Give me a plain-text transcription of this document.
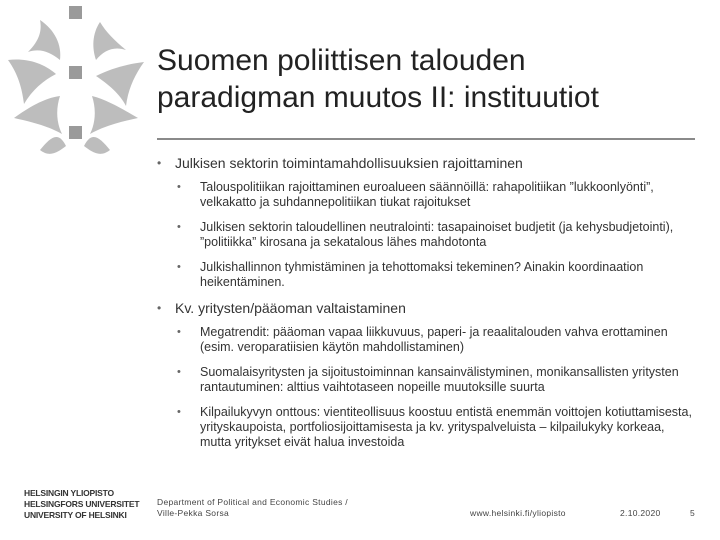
Suomen poliittisen talouden
paradigman muutos II: instituutiot
• Julkisen sektorin toimintamahdollisuuksien rajoittaminen
• Talouspolitiikan rajoittaminen euroalueen säännöillä: rahapolitiikan ”lukkoonlyönti”, velkakatto ja suhdannepolitiikan tiukat rajoitukset
• Julkisen sektorin taloudellinen neutralointi: tasapainoiset budjetit (ja kehysbudjetointi), ”politiikka” kirosana ja sekatalous lähes mahdotonta
• Julkishallinnon tyhmistäminen ja tehottomaksi tekeminen? Ainakin koordinaation heikentäminen.
• Kv. yritysten/pääoman valtaistaminen
• Megatrendit: pääoman vapaa liikkuvuus, paperi- ja reaalitalouden vahva erottaminen (esim. veroparatiisien käytön mahdollistaminen)
• Suomalaisyritysten ja sijoitustoiminnan kansainvälistyminen, monikansallisten yritysten rantautuminen: alttius vaihtotaseen nopeille muutoksille suurta
• Kilpailukyvyn onttous: vientiteollisuus koostuu entistä enemmän voittojen kotiuttamisesta, yrityskaupoista, portfoliosijoittamisesta ja kv. yrityspalveluista – kilpailukyky korkeaa, mutta yritykset eivät halua investoida
HELSINGIN YLIOPISTO
HELSINGFORS UNIVERSITET
UNIVERSITY OF HELSINKI
Department of Political and Economic Studies /
Ville-Pekka Sorsa	www.helsinki.fi/yliopisto	2.10.2020	5
